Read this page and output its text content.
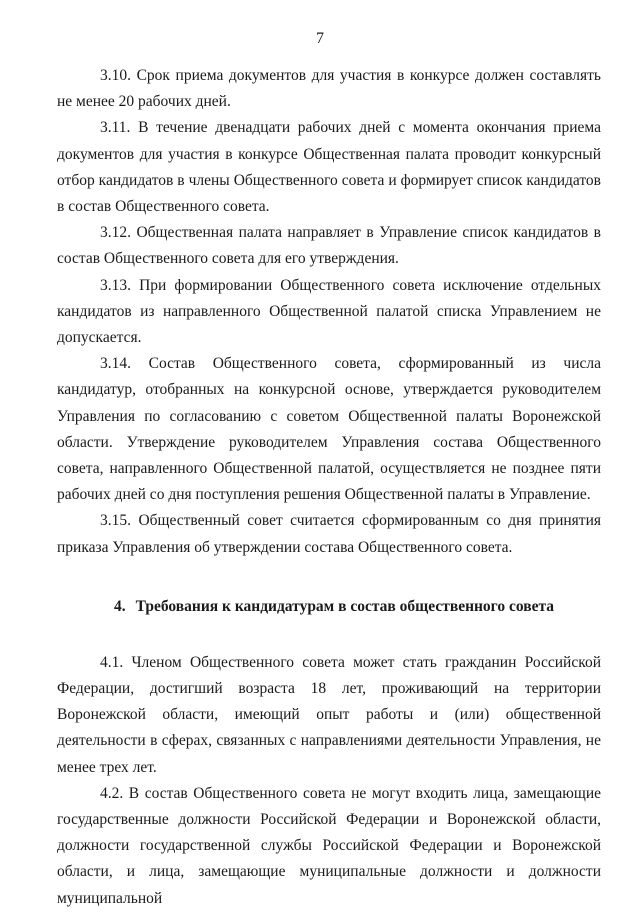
7

3.10. Срок приема документов для участия в конкурсе должен составлять не менее 20 рабочих дней.

3.11. В течение двенадцати рабочих дней с момента окончания приема документов для участия в конкурсе Общественная палата проводит конкурсный отбор кандидатов в члены Общественного совета и формирует список кандидатов в состав Общественного совета.

3.12. Общественная палата направляет в Управление список кандидатов в состав Общественного совета для его утверждения.

3.13. При формировании Общественного совета исключение отдельных кандидатов из направленного Общественной палатой списка Управлением не допускается.

3.14. Состав Общественного совета, сформированный из числа кандидатур, отобранных на конкурсной основе, утверждается руководителем Управления по согласованию с советом Общественной палаты Воронежской области. Утверждение руководителем Управления состава Общественного совета, направленного Общественной палатой, осуществляется не позднее пяти рабочих дней со дня поступления решения Общественной палаты в Управление.

3.15. Общественный совет считается сформированным со дня принятия приказа Управления об утверждении состава Общественного совета.

4. Требования к кандидатурам в состав общественного совета

4.1. Членом Общественного совета может стать гражданин Российской Федерации, достигший возраста 18 лет, проживающий на территории Воронежской области, имеющий опыт работы и (или) общественной деятельности в сферах, связанных с направлениями деятельности Управления, не менее трех лет.

4.2. В состав Общественного совета не могут входить лица, замещающие государственные должности Российской Федерации и Воронежской области, должности государственной службы Российской Федерации и Воронежской области, и лица, замещающие муниципальные должности и должности муниципальной
